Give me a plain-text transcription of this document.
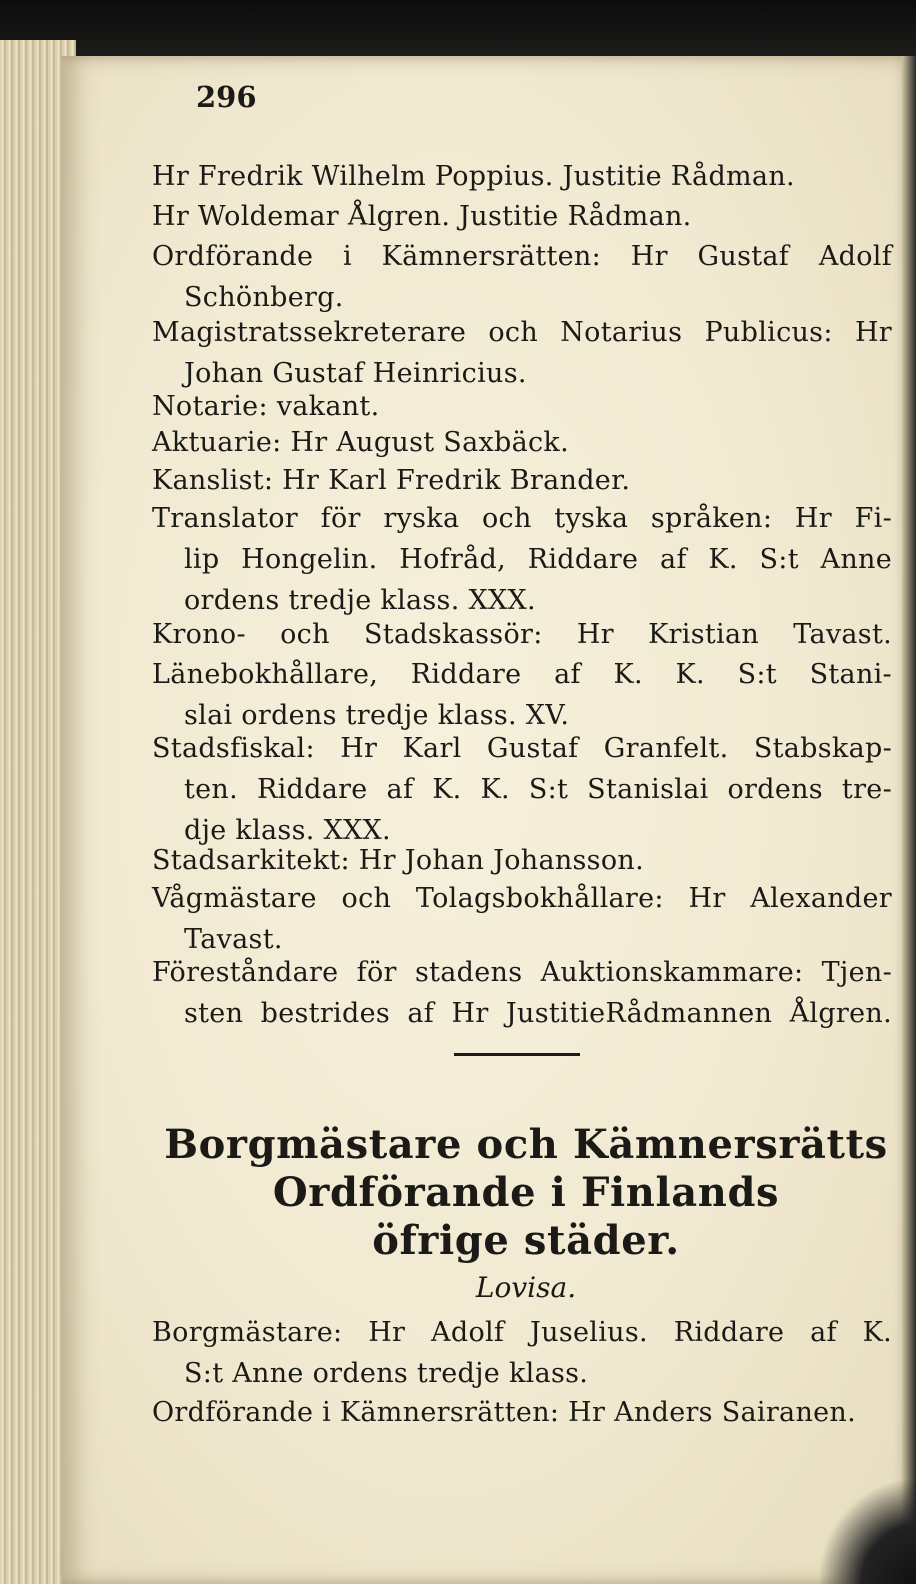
296

Hr Fredrik Wilhelm Poppius. Justitie Rådman.

Hr Woldemar Ålgren. Justitie Rådman.

Ordförande i Kämnersrätten: Hr Gustaf Adolf
Schönberg.

Magistratssekreterare och Notarius Publicus: Hr
Johan Gustaf Heinricius.

Notarie: vakant.

Aktuarie: Hr August Saxbäck.

Kanslist: Hr Karl Fredrik Brander.

Translator för ryska och tyska språken: Hr Fi-
lip Hongelin. Hofråd, Riddare af K. S:t Anne
ordens tredje klass. XXX.

Krono- och Stadskassör: Hr Kristian Tavast.

Länebokhållare, Riddare af K. K. S:t Stani-
slai ordens tredje klass. XV.

Stadsfiskal: Hr Karl Gustaf Granfelt. Stabskap-
ten. Riddare af K. K. S:t Stanislai ordens tre-
dje klass. XXX.

Stadsarkitekt: Hr Johan Johansson.

Vågmästare och Tolagsbokhållare: Hr Alexander
Tavast.

Föreståndare för stadens Auktionskammare: Tjen-
sten bestrides af Hr JustitieRådmannen Ålgren.

Borgmästare och Kämnersrätts

Ordförande i Finlands

öfrige städer.

Lovisa.

Borgmästare: Hr Adolf Juselius. Riddare af K.
S:t Anne ordens tredje klass.

Ordförande i Kämnersrätten: Hr Anders Sairanen.
